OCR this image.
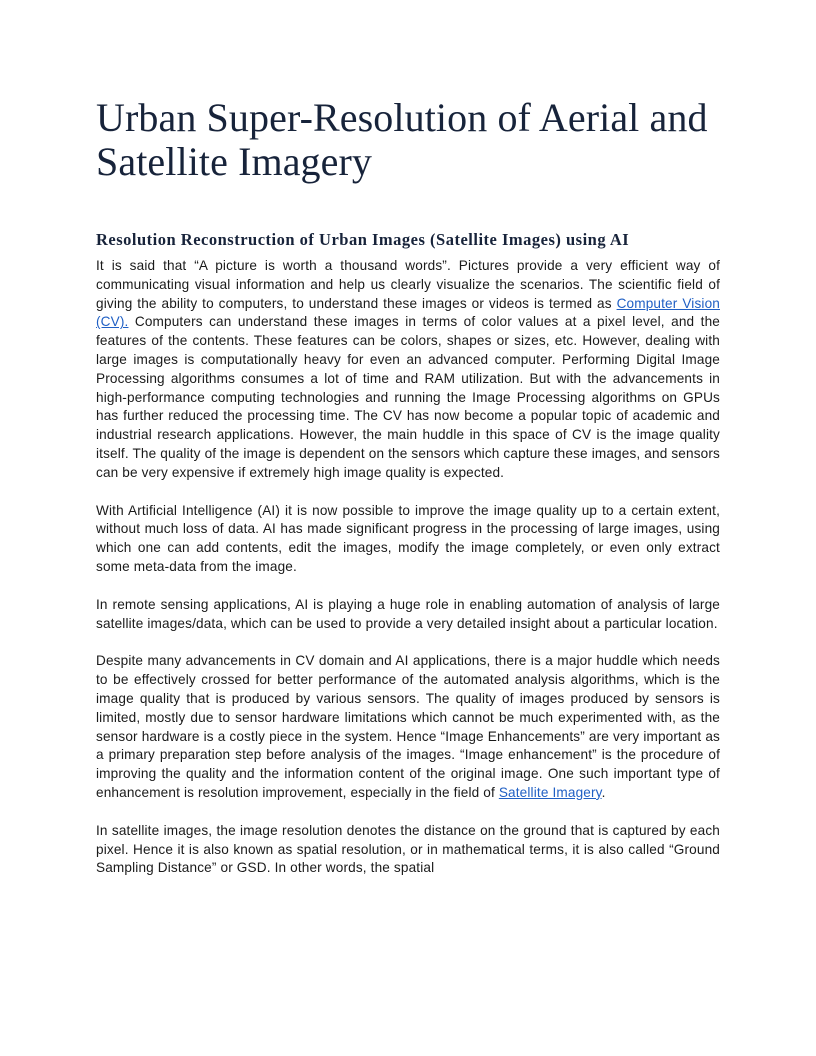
Urban Super-Resolution of Aerial and Satellite Imagery
Resolution Reconstruction of Urban Images (Satellite Images) using AI

It is said that “A picture is worth a thousand words”. Pictures provide a very efficient way of communicating visual information and help us clearly visualize the scenarios. The scientific field of giving the ability to computers, to understand these images or videos is termed as Computer Vision (CV). Computers can understand these images in terms of color values at a pixel level, and the features of the contents. These features can be colors, shapes or sizes, etc. However, dealing with large images is computationally heavy for even an advanced computer. Performing Digital Image Processing algorithms consumes a lot of time and RAM utilization. But with the advancements in high-performance computing technologies and running the Image Processing algorithms on GPUs has further reduced the processing time. The CV has now become a popular topic of academic and industrial research applications. However, the main huddle in this space of CV is the image quality itself. The quality of the image is dependent on the sensors which capture these images, and sensors can be very expensive if extremely high image quality is expected.

With Artificial Intelligence (AI) it is now possible to improve the image quality up to a certain extent, without much loss of data. AI has made significant progress in the processing of large images, using which one can add contents, edit the images, modify the image completely, or even only extract some meta-data from the image.

In remote sensing applications, AI is playing a huge role in enabling automation of analysis of large satellite images/data, which can be used to provide a very detailed insight about a particular location.

Despite many advancements in CV domain and AI applications, there is a major huddle which needs to be effectively crossed for better performance of the automated analysis algorithms, which is the image quality that is produced by various sensors. The quality of images produced by sensors is limited, mostly due to sensor hardware limitations which cannot be much experimented with, as the sensor hardware is a costly piece in the system. Hence “Image Enhancements” are very important as a primary preparation step before analysis of the images. “Image enhancement” is the procedure of improving the quality and the information content of the original image. One such important type of enhancement is resolution improvement, especially in the field of Satellite Imagery.

In satellite images, the image resolution denotes the distance on the ground that is captured by each pixel. Hence it is also known as spatial resolution, or in mathematical terms, it is also called “Ground Sampling Distance” or GSD. In other words, the spatial
